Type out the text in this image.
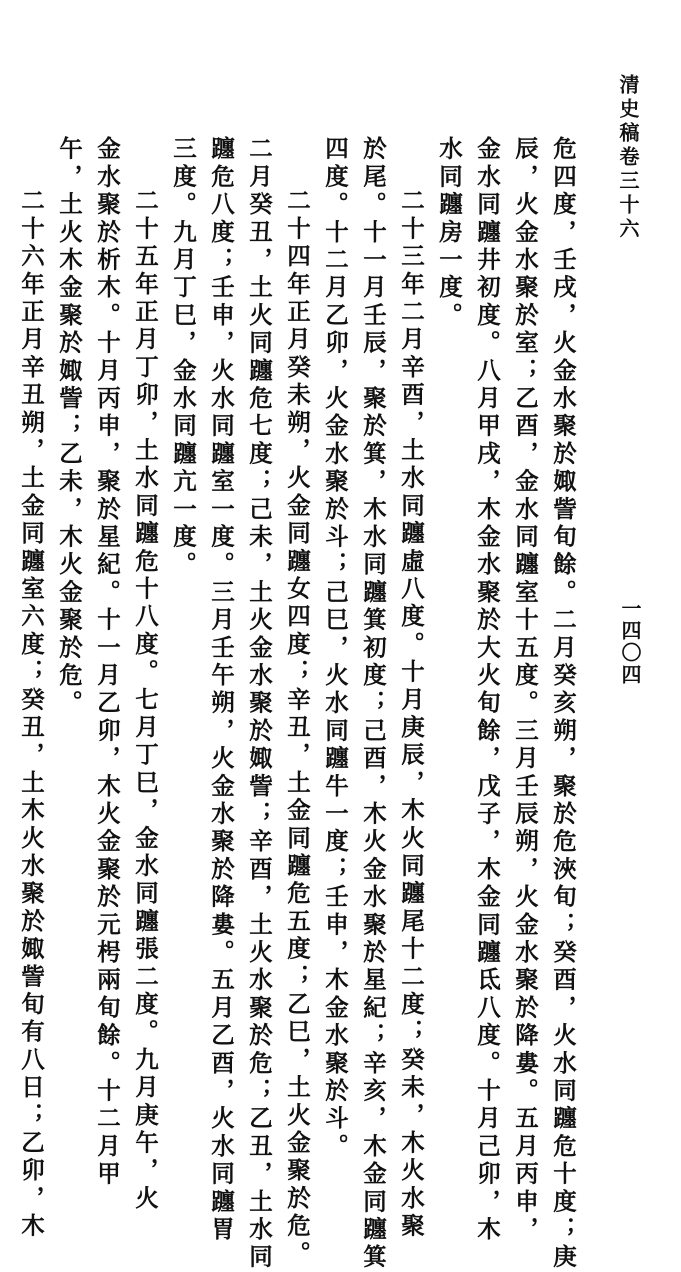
清史稿卷三十六
一四〇四
危四度，壬戌，火金水聚於娵訾旬餘。二月癸亥朔，聚於危浹旬；癸酉，火水同躔危十度；庚
辰，火金水聚於室；乙酉，金水同躔室十五度。三月壬辰朔，火金水聚於降婁。五月丙申，
金水同躔井初度。八月甲戌，木金水聚於大火旬餘，戊子，木金同躔氐八度。十月己卯，木
水同躔房一度。
二十三年二月辛酉，土水同躔虛八度。十月庚辰，木火同躔尾十二度；癸未，木火水聚
於尾。十一月壬辰，聚於箕，木水同躔箕初度；己酉，木火金水聚於星紀；辛亥，木金同躔箕
四度。十二月乙卯，火金水聚於斗；己巳，火水同躔牛一度；壬申，木金水聚於斗。
二十四年正月癸未朔，火金同躔女四度；辛丑，土金同躔危五度；乙巳，土火金聚於危。
二月癸丑，土火同躔危七度；己未，土火金水聚於娵訾；辛酉，土火水聚於危；乙丑，土水同
躔危八度；壬申，火水同躔室一度。三月壬午朔，火金水聚於降婁。五月乙酉，火水同躔胃
三度。九月丁巳，金水同躔亢一度。
二十五年正月丁卯，土水同躔危十八度。七月丁巳，金水同躔張二度。九月庚午，火
金水聚於析木。十月丙申，聚於星紀。十一月乙卯，木火金聚於元枵兩旬餘。十二月甲
午，土火木金聚於娵訾；乙未，木火金聚於危。
二十六年正月辛丑朔，土金同躔室六度；癸丑，土木火水聚於娵訾旬有八日；乙卯，木
